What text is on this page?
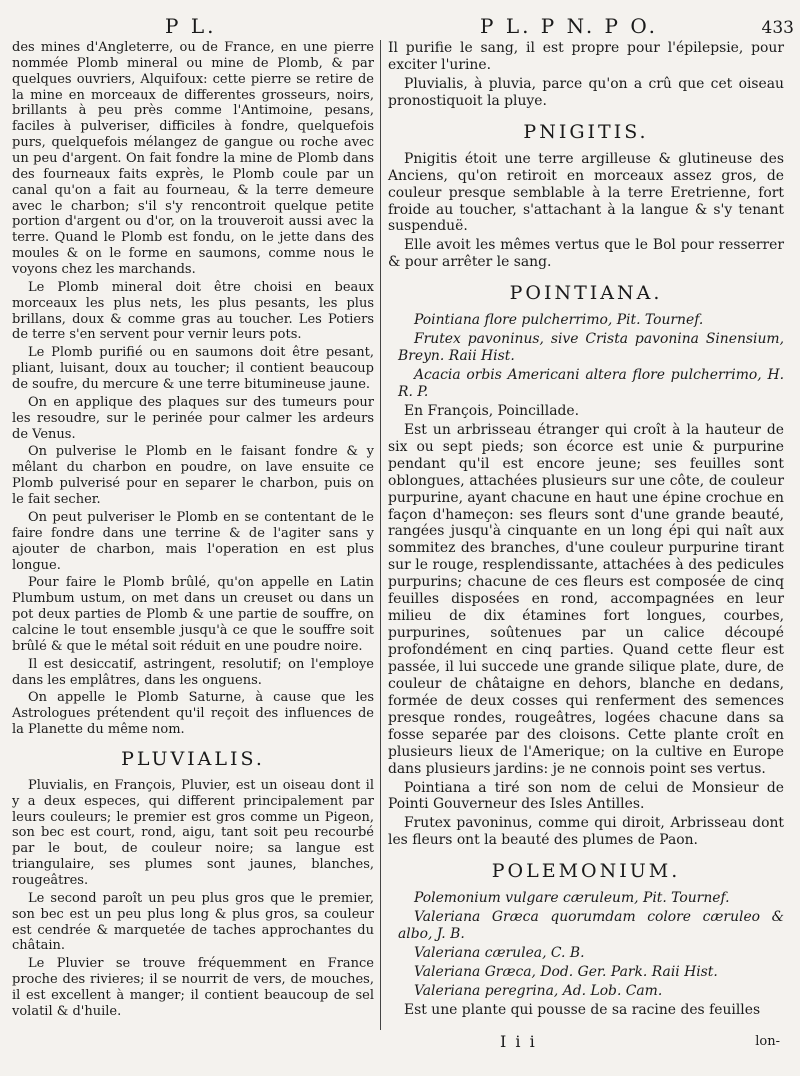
P L.	P L. P N. P O.	433

des mines d'Angleterre, ou de France, en une pierre nommée Plomb mineral ou mine de Plomb, & par quelques ouvriers, Alquifoux: cette pierre se retire de la mine en morceaux de differentes grosseurs, noirs, brillants à peu près comme l'Antimoine, pesans, faciles à pulveriser, difficiles à fondre, quelquefois purs, quelquefois mélangez de gangue ou roche avec un peu d'argent. On fait fondre la mine de Plomb dans des fourneaux faits exprès, le Plomb coule par un canal qu'on a fait au fourneau, & la terre demeure avec le charbon; s'il s'y rencontroit quelque petite portion d'argent ou d'or, on la trouveroit aussi avec la terre. Quand le Plomb est fondu, on le jette dans des moules & on le forme en saumons, comme nous le voyons chez les marchands.

Le Plomb mineral doit être choisi en beaux morceaux les plus nets, les plus pesants, les plus brillans, doux & comme gras au toucher. Les Potiers de terre s'en servent pour vernir leurs pots.

Le Plomb purifié ou en saumons doit être pesant, pliant, luisant, doux au toucher; il contient beaucoup de soufre, du mercure & une terre bitumineuse jaune.

On en applique des plaques sur des tumeurs pour les resoudre, sur le perinée pour calmer les ardeurs de Venus.

On pulverise le Plomb en le faisant fondre & y mêlant du charbon en poudre, on lave ensuite ce Plomb pulverisé pour en separer le charbon, puis on le fait secher.

On peut pulveriser le Plomb en se contentant de le faire fondre dans une terrine & de l'agiter sans y ajouter de charbon, mais l'operation en est plus longue.

Pour faire le Plomb brûlé, qu'on appelle en Latin Plumbum ustum, on met dans un creuset ou dans un pot deux parties de Plomb & une partie de souffre, on calcine le tout ensemble jusqu'à ce que le souffre soit brûlé & que le métal soit réduit en une poudre noire.

Il est desiccatif, astringent, resolutif; on l'employe dans les emplâtres, dans les onguens.

On appelle le Plomb Saturne, à cause que les Astrologues prétendent qu'il reçoit des influences de la Planette du même nom.

PLUVIALIS.

Pluvialis, en François, Pluvier, est un oiseau dont il y a deux especes, qui different principalement par leurs couleurs; le premier est gros comme un Pigeon, son bec est court, rond, aigu, tant soit peu recourbé par le bout, de couleur noire; sa langue est triangulaire, ses plumes sont jaunes, blanches, rougeâtres.

Le second paroît un peu plus gros que le premier, son bec est un peu plus long & plus gros, sa couleur est cendrée & marquetée de taches approchantes du châtain.

Le Pluvier se trouve fréquemment en France proche des rivieres; il se nourrit de vers, de mouches, il est excellent à manger; il contient beaucoup de sel volatil & d'huile.

Il purifie le sang, il est propre pour l'épilepsie, pour exciter l'urine.

Pluvialis, à pluvia, parce qu'on a crû que cet oiseau pronostiquoit la pluye.

PNIGITIS.

Pnigitis étoit une terre argilleuse & glutineuse des Anciens, qu'on retiroit en morceaux assez gros, de couleur presque semblable à la terre Eretrienne, fort froide au toucher, s'attachant à la langue & s'y tenant suspenduë.

Elle avoit les mêmes vertus que le Bol pour resserrer & pour arrêter le sang.

POINTIANA.

Pointiana flore pulcherrimo, Pit. Tournef.

Frutex pavoninus, sive Crista pavonina Sinensium, Breyn. Raii Hist.

Acacia orbis Americani altera flore pulcherrimo, H. R. P.

En François, Poincillade.

Est un arbrisseau étranger qui croît à la hauteur de six ou sept pieds; son écorce est unie & purpurine pendant qu'il est encore jeune; ses feuilles sont oblongues, attachées plusieurs sur une côte, de couleur purpurine, ayant chacune en haut une épine crochue en façon d'hameçon: ses fleurs sont d'une grande beauté, rangées jusqu'à cinquante en un long épi qui naît aux sommitez des branches, d'une couleur purpurine tirant sur le rouge, resplendissante, attachées à des pedicules purpurins; chacune de ces fleurs est composée de cinq feuilles disposées en rond, accompagnées en leur milieu de dix étamines fort longues, courbes, purpurines, soûtenues par un calice découpé profondément en cinq parties. Quand cette fleur est passée, il lui succede une grande silique plate, dure, de couleur de châtaigne en dehors, blanche en dedans, formée de deux cosses qui renferment des semences presque rondes, rougeâtres, logées chacune dans sa fosse separée par des cloisons. Cette plante croît en plusieurs lieux de l'Amerique; on la cultive en Europe dans plusieurs jardins: je ne connois point ses vertus.

Pointiana a tiré son nom de celui de Monsieur de Pointi Gouverneur des Isles Antilles.

Frutex pavoninus, comme qui diroit, Arbrisseau dont les fleurs ont la beauté des plumes de Paon.

POLEMONIUM.

Polemonium vulgare cæruleum, Pit. Tournef.

Valeriana Græca quorumdam colore cæruleo & albo, J. B.

Valeriana cærulea, C. B.

Valeriana Græca, Dod. Ger. Park. Raii Hist.

Valeriana peregrina, Ad. Lob. Cam.

Est une plante qui pousse de sa racine des feuilles

I i i	lon-
